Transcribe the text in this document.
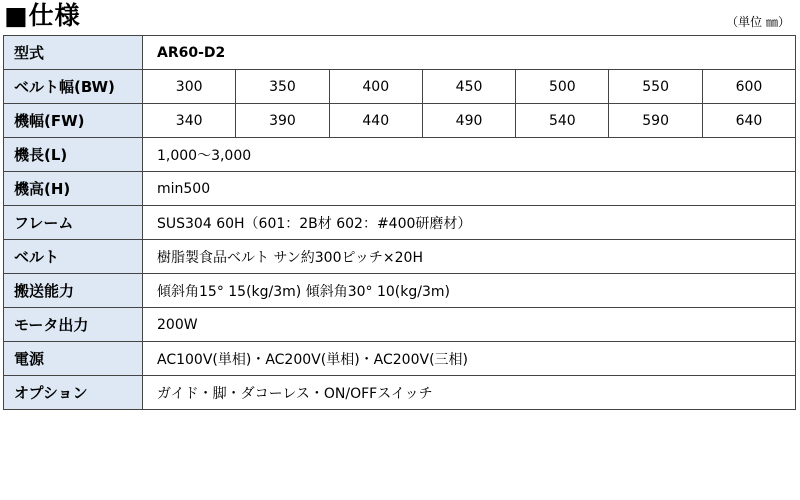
■仕様	（単位 ㎜）
型式	AR60-D2						
ベルト幅(BW)	300	350	400	450	500	550	600
機幅(FW)	340	390	440	490	540	590	640
機長(L)	1,000～3,000						
機高(H)	min500						
フレーム	SUS304 60H（601：2B材 602：#400研磨材）						
ベルト	樹脂製食品ベルト サン約300ピッチ×20H						
搬送能力	傾斜角15° 15(kg/3m) 傾斜角30° 10(kg/3m)						
モータ出力	200W						
電源	AC100V(単相)・AC200V(単相)・AC200V(三相)						
オプション	ガイド・脚・ダコーレス・ON/OFFスイッチ						
